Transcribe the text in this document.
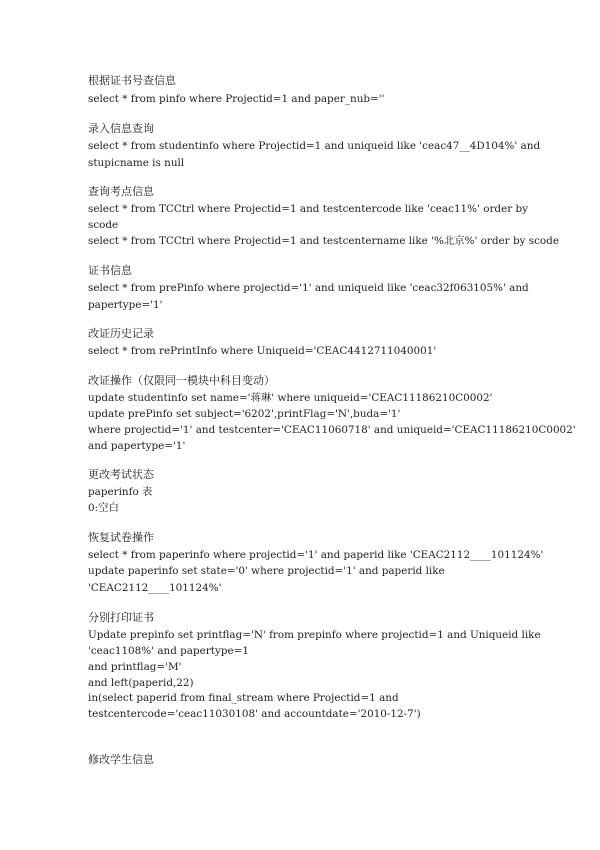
根据证书号查信息
select * from pinfo where Projectid=1 and paper_nub=''
录入信息查询
select * from studentinfo where Projectid=1 and uniqueid like 'ceac47__4D104%' and
stupicname is null
查询考点信息
select * from TCCtrl where Projectid=1 and testcentercode like 'ceac11%' order by
scode
select * from TCCtrl where Projectid=1 and testcentername like '%北京%' order by scode
证书信息
select * from prePinfo where projectid='1' and uniqueid like 'ceac32f063105%' and
papertype='1'
改证历史记录
select * from rePrintInfo where Uniqueid='CEAC4412711040001'
改证操作（仅限同一模块中科目变动）
update studentinfo set name='蒋琳' where uniqueid='CEAC11186210C0002'
update prePinfo set subject='6202',printFlag='N',buda='1'
where projectid='1' and testcenter='CEAC11060718' and uniqueid='CEAC11186210C0002'
and papertype='1'
更改考试状态
paperinfo 表
0:空白
恢复试卷操作
select * from paperinfo where projectid='1' and paperid like 'CEAC2112____101124%'
update paperinfo set state='0' where projectid='1' and paperid like
'CEAC2112____101124%'
分别打印证书
Update prepinfo set printflag='N' from prepinfo where projectid=1 and Uniqueid like
'ceac1108%' and papertype=1
and printflag='M'
and left(paperid,22)
in(select paperid from final_stream where Projectid=1 and
testcentercode='ceac11030108' and accountdate='2010-12-7')
修改学生信息
